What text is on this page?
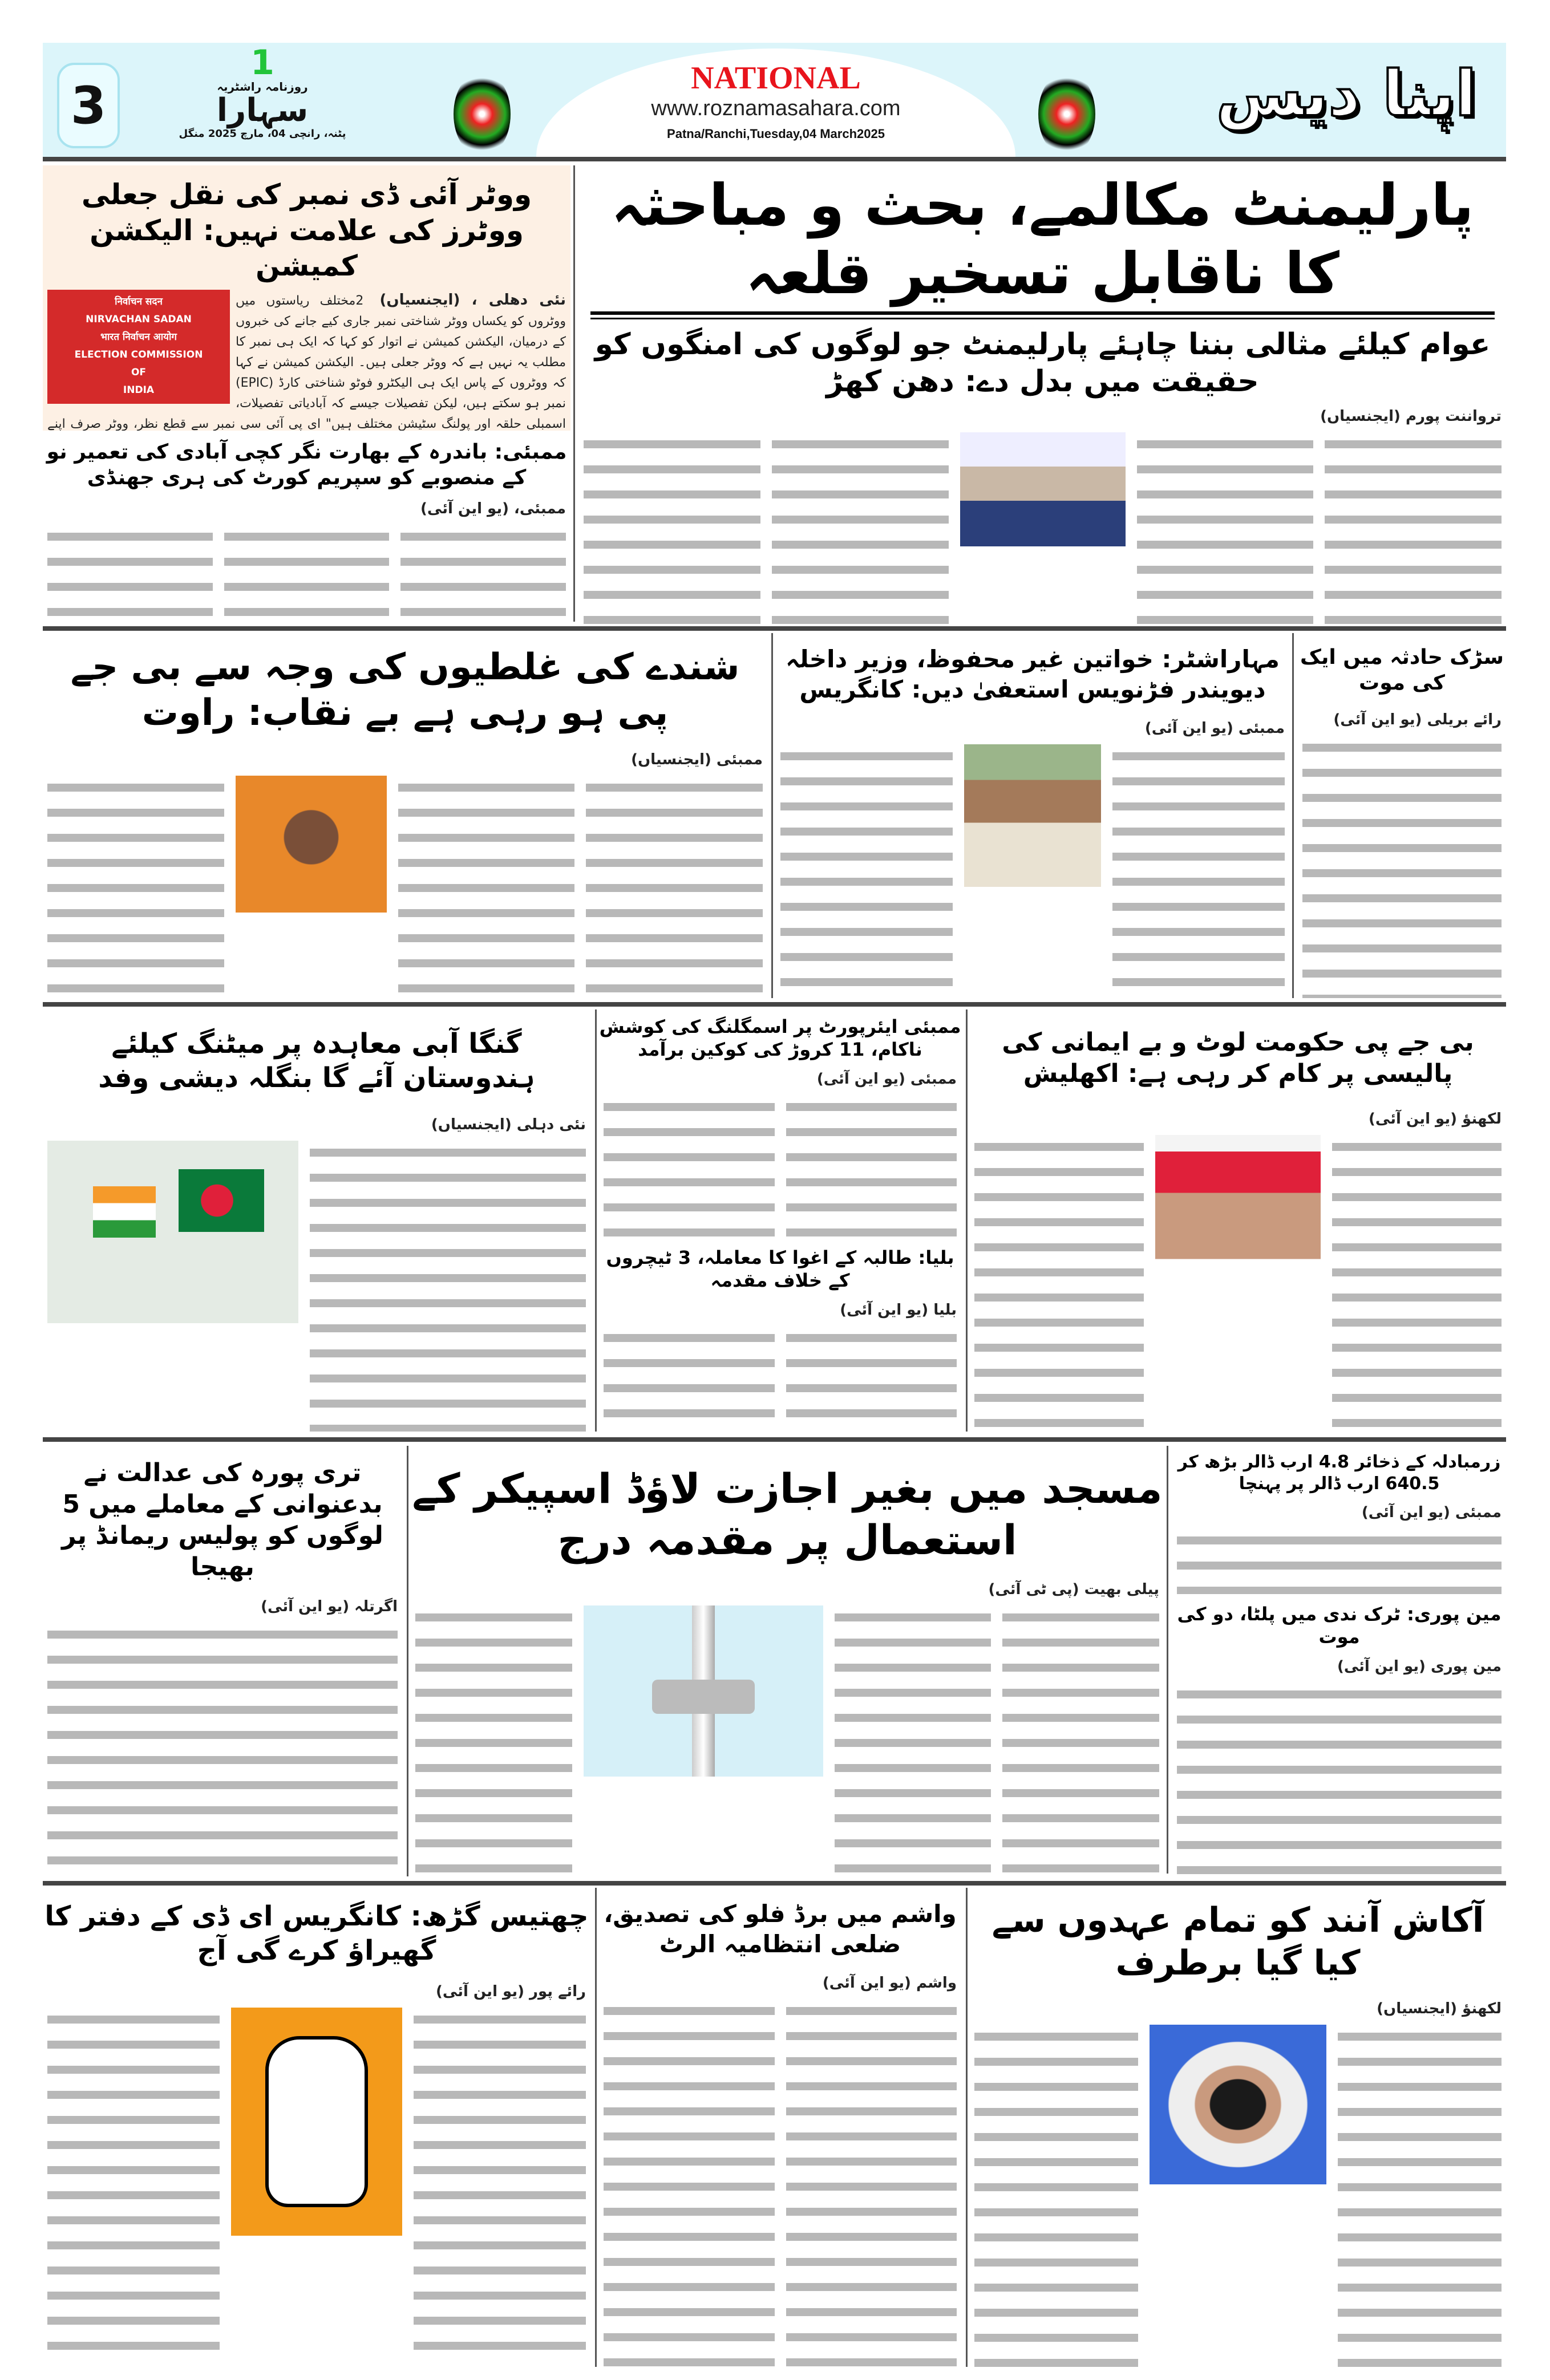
3
1
روزنامہ راشٹریہ
سہارا
پٹنہ، رانچی 04، مارچ 2025 منگل
NATIONAL
www.roznamasahara.com
Patna/Ranchi,Tuesday,04 March2025
اپنا دیس
ووٹر آئی ڈی نمبر کی نقل جعلی ووٹرز کی علامت نہیں: الیکشن کمیشن
निर्वाचन सदन
NIRVACHAN SADAN
भारत निर्वाचन आयोग
ELECTION COMMISSION
OF
INDIA
نئی دهلی ، (ایجنسیاں) 2مختلف ریاستوں میں ووٹروں کو یکساں ووٹر شناختی نمبر جاری کیے جانے کی خبروں کے درمیان، الیکشن کمیشن نے اتوار کو کہا کہ ایک ہی نمبر کا مطلب یہ نہیں ہے کہ ووٹر جعلی ہیں۔ الیکشن کمیشن نے کہا کہ ووٹروں کے پاس ایک ہی الیکٹرو فوٹو شناختی کارڈ (EPIC) نمبر ہو سکتے ہیں، لیکن تفصیلات جیسے کہ آبادیاتی تفصیلات، اسمبلی حلقہ اور پولنگ سٹیشن مختلف ہیں" ای پی آئی سی نمبر سے قطع نظر، ووٹر صرف اپنے
ممبئی: باندرہ کے بھارت نگر کچی آبادی کی تعمیر نو کے منصوبے کو سپریم کورٹ کی ہری جھنڈی
ممبئی، (یو این آئی)
پارلیمنٹ مکالمے، بحث و مباحثہ کا ناقابل تسخیر قلعہ
عوام کیلئے مثالی بننا چاہئے پارلیمنٹ جو لوگوں کی امنگوں کو حقیقت میں بدل دے: دھن کھڑ
ترواننت پورم (ایجنسیاں)
سڑک حادثہ میں ایک کی موت
رائے بریلی (یو این آئی)
مہاراشٹر: خواتین غیر محفوظ، وزیر داخلہ دیویندر فڑنویس استعفیٰ دیں: کانگریس
ممبئی (یو این آئی)
شندے کی غلطیوں کی وجہ سے بی جے پی ہو رہی ہے بے نقاب: راوت
ممبئی (ایجنسیاں)
بی جے پی حکومت لوٹ و بے ایمانی کی پالیسی پر کام کر رہی ہے: اکھلیش
لکھنؤ (یو این آئی)
ممبئی ایئرپورٹ پر اسمگلنگ کی کوشش ناکام، 11 کروڑ کی کوکین برآمد
ممبئی (یو این آئی)
بلیا: طالبہ کے اغوا کا معاملہ، 3 ٹیچروں کے خلاف مقدمہ
بلیا (یو این آئی)
گنگا آبی معاہدہ پر میٹنگ کیلئے ہندوستان آئے گا بنگلہ دیشی وفد
نئی دہلی (ایجنسیاں)
زرمبادلہ کے ذخائر 4.8 ارب ڈالر بڑھ کر 640.5 ارب ڈالر پر پہنچا
ممبئی (یو این آئی)
مین پوری: ٹرک ندی میں پلٹا، دو کی موت
مین پوری (یو این آئی)
مسجد میں بغیر اجازت لاؤڈ اسپیکر کے استعمال پر مقدمہ درج
پیلی بھیت (پی ٹی آئی)
تری پورہ کی عدالت نے بدعنوانی کے معاملے میں 5 لوگوں کو پولیس ریمانڈ پر بھیجا
اگرتلہ (یو این آئی)
آکاش آنند کو تمام عہدوں سے کیا گیا برطرف
لکھنؤ (ایجنسیاں)
واشم میں برڈ فلو کی تصدیق، ضلعی انتظامیہ الرٹ
واشم (یو این آئی)
چھتیس گڑھ: کانگریس ای ڈی کے دفتر کا گھیراؤ کرے گی آج
رائے پور (یو این آئی)
